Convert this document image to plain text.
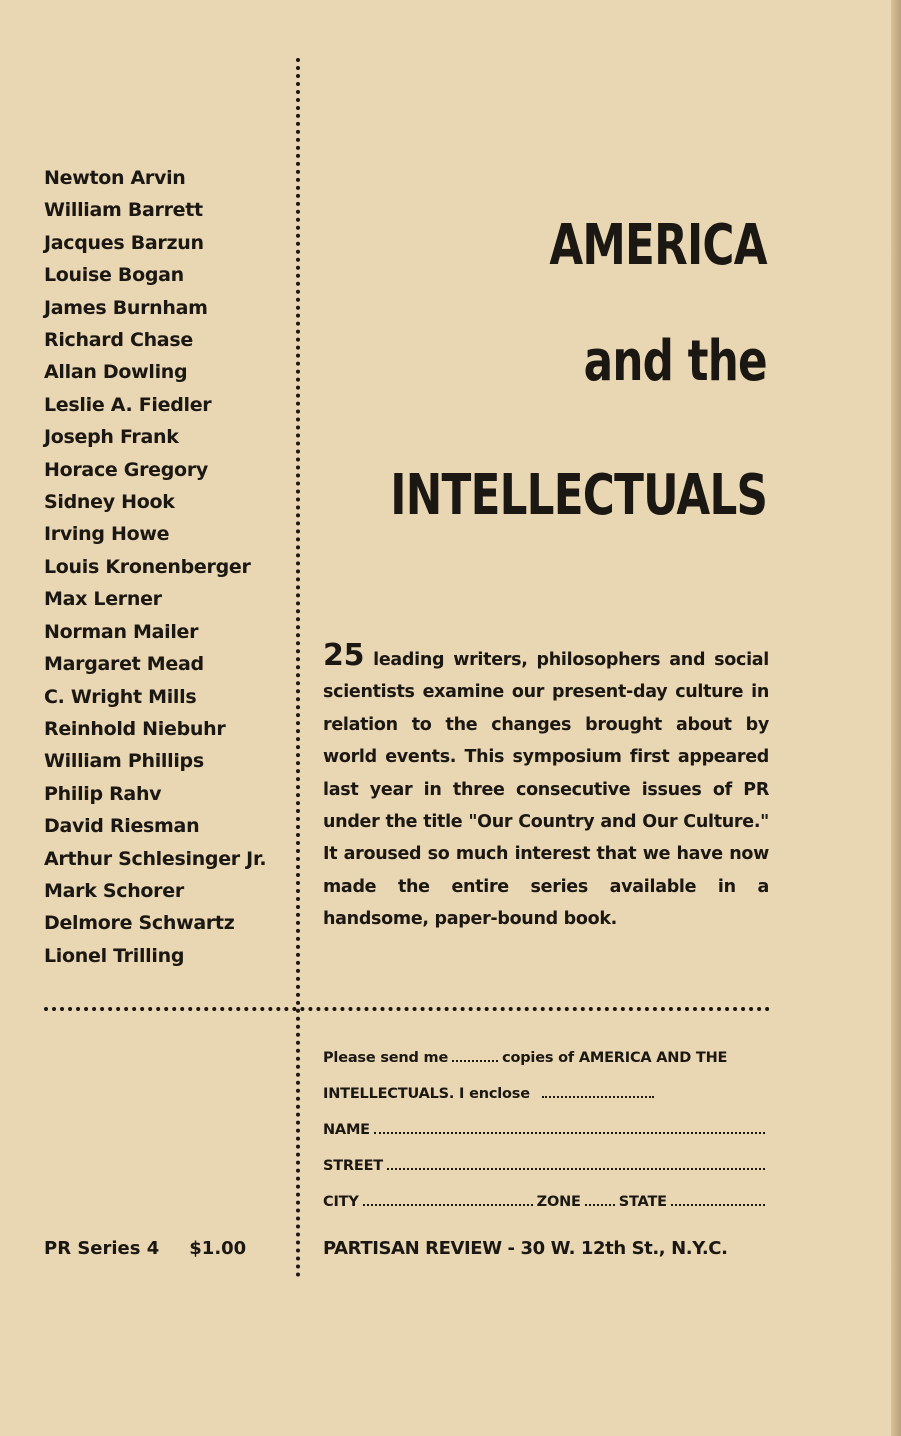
Newton Arvin
William Barrett
Jacques Barzun
Louise Bogan
James Burnham
Richard Chase
Allan Dowling
Leslie A. Fiedler
Joseph Frank
Horace Gregory
Sidney Hook
Irving Howe
Louis Kronenberger
Max Lerner
Norman Mailer
Margaret Mead
C. Wright Mills
Reinhold Niebuhr
William Phillips
Philip Rahv
David Riesman
Arthur Schlesinger Jr.
Mark Schorer
Delmore Schwartz
Lionel Trilling
AMERICA
and the
INTELLECTUALS

25 leading writers, philosophers and social scientists examine our present-day culture in relation to the changes brought about by world events. This symposium first appeared last year in three consecutive issues of PR under the title "Our Country and Our Culture." It aroused so much interest that we have now made the entire series available in a handsome, paper-bound book.

Please send me	copies of AMERICA AND THE
INTELLECTUALS. I enclose
NAME
STREET
CITY	ZONE	STATE
PR Series 4 $1.00	PARTISAN REVIEW - 30 W. 12th St., N.Y.C.
